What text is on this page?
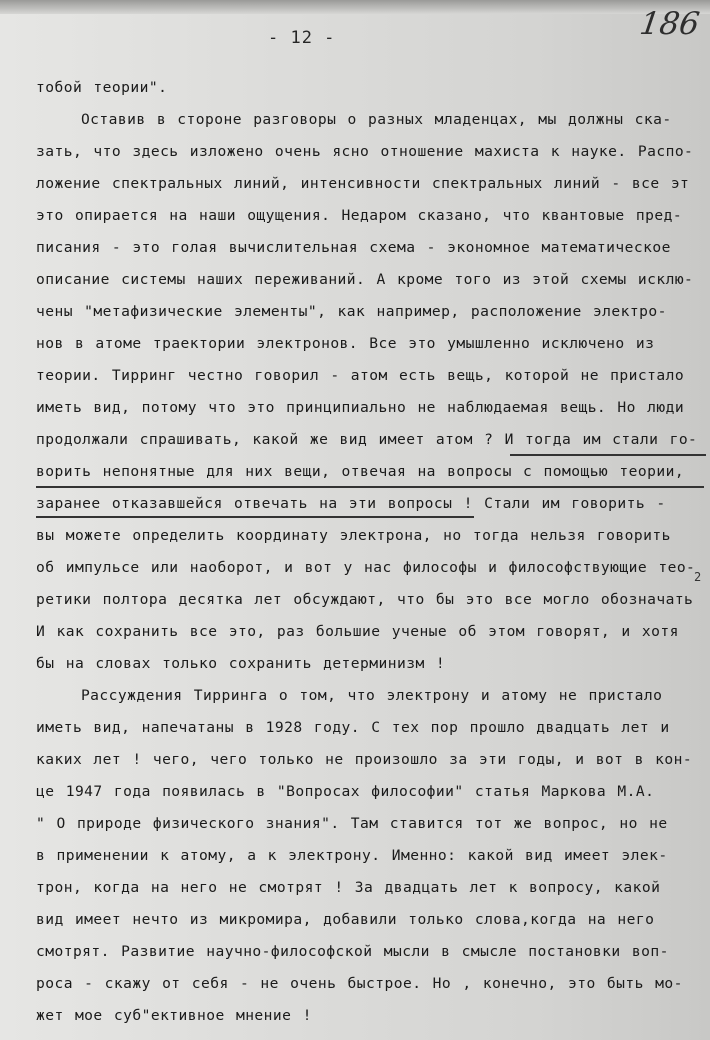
- 12 -	186
тобой теории".
Оставив в стороне разговоры о разных младенцах, мы должны ска-
зать, что здесь изложено очень ясно отношение махиста к науке. Распо-
ложение спектральных линий, интенсивности спектральных линий - все эт
это опирается на наши ощущения. Недаром сказано, что квантовые пред-
писания - это голая вычислительная схема - экономное математическое
описание системы наших переживаний. А кроме того из этой схемы исклю-
чены "метафизические элементы", как например, расположение электро-
нов в атоме траектории электронов. Все это умышленно исключено из
теории. Тирринг честно говорил - атом есть вещь, которой не пристало
иметь вид, потому что это принципиально не наблюдаемая вещь. Но люди
продолжали спрашивать, какой же вид имеет атом ? И тогда им стали го-
ворить непонятные для них вещи, отвечая на вопросы с помощью теории,
заранее отказавшейся отвечать на эти вопросы ! Стали им говорить -
вы можете определить координату электрона, но тогда нельзя говорить
об импульсе или наоборот, и вот у нас философы и философствующие тео-
ретики полтора десятка лет обсуждают, что бы это все могло обозначать
И как сохранить все это, раз большие ученые об этом говорят, и хотя
бы на словах только сохранить детерминизм !
Рассуждения Тирринга о том, что электрону и атому не пристало
иметь вид, напечатаны в 1928 году. С тех пор прошло двадцать лет и
каких лет ! чего, чего только не произошло за эти годы, и вот в кон-
це 1947 года появилась в "Вопросах философии" статья Маркова М.А.
" О природе физического знания". Там ставится тот же вопрос, но не
в применении к атому, а к электрону. Именно: какой вид имеет элек-
трон, когда на него не смотрят ! За двадцать лет к вопросу, какой
вид имеет нечто из микромира, добавили только слова,когда на него
смотрят. Развитие научно-философской мысли в смысле постановки воп-
роса - скажу от себя - не очень быстрое. Но , конечно, это быть мо-
жет мое суб"ективное мнение !
2
